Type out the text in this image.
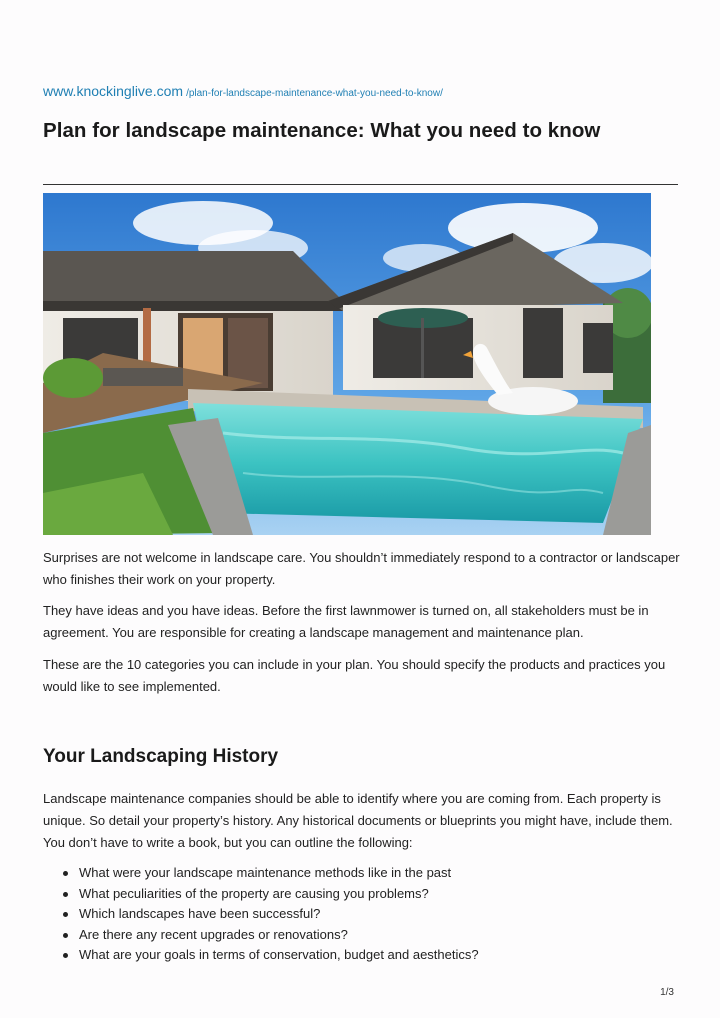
www.knockinglive.com /plan-for-landscape-maintenance-what-you-need-to-know/
Plan for landscape maintenance: What you need to know

Surprises are not welcome in landscape care. You shouldn’t immediately respond to a contractor or landscaper who finishes their work on your property.

They have ideas and you have ideas. Before the first lawnmower is turned on, all stakeholders must be in agreement. You are responsible for creating a landscape management and maintenance plan.

These are the 10 categories you can include in your plan. You should specify the products and practices you would like to see implemented.

Your Landscaping History

Landscape maintenance companies should be able to identify where you are coming from. Each property is unique. So detail your property’s history. Any historical documents or blueprints you might have, include them. You don’t have to write a book, but you can outline the following:

What were your landscape maintenance methods like in the past
What peculiarities of the property are causing you problems?
Which landscapes have been successful?
Are there any recent upgrades or renovations?
What are your goals in terms of conservation, budget and aesthetics?
1/3
